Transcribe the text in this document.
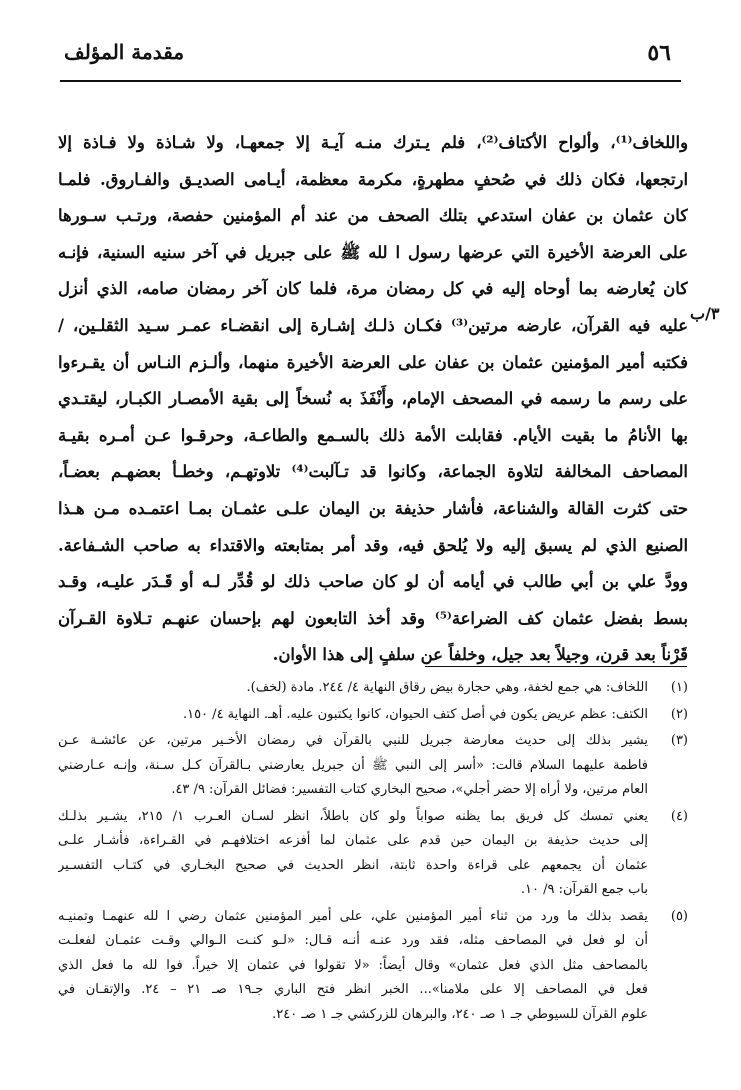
مقدمة المؤلف	٥٦
٣/ب
واللخاف⁽¹⁾، وألواح الأكتاف⁽²⁾، فلم يـترك منـه آيـة إلا جمعهـا، ولا شـاذة ولا فـاذة إلا
ارتجعها، فكان ذلك في صُحفٍ مطهرةٍ، مكرمة معظمة، أيـامى الصديـق والفـاروق. فلمـا
كان عثمان بن عفان استدعي بتلك الصحف من عند أم المؤمنين حفصة، ورتـب سـورها
على العرضة الأخيرة التي عرضها رسول ا لله ﷺ على جبريل في آخر سنيه السنية، فإنـه
كان يُعارضه بما أوحاه إليه في كل رمضان مرة، فلما كان آخر رمضان صامه، الذي أنزل
عليه فيه القرآن، عارضه مرتين⁽³⁾ فكـان ذلـك إشـارة إلى انقضـاء عمـر سـيد الثقلـين، /
فكتبه أمير المؤمنين عثمان بن عفان على العرضة الأخيرة منهما، وألـزم النـاس أن يقـرءوا
على رسم ما رسمه في المصحف الإمام، وأَنْفَذَ به نُسخاً إلى بقية الأمصـار الكبـار، ليقتـدي
بها الأنامُ ما بقيت الأيام. فقابلت الأمة ذلك بالسـمع والطاعـة، وحرقـوا عـن أمـره بقيـة
المصاحف المخالفة لتلاوة الجماعة، وكانوا قد تـآلبت⁽⁴⁾ تلاوتهـم، وخطـأ بعضهـم بعضـاً،
حتى كثرت القالة والشناعة، فأشار حذيفة بن اليمان علـى عثمـان بمـا اعتمـده مـن هـذا
الصنيع الذي لم يسبق إليه ولا يُلحق فيه، وقد أمر بمتابعته والاقتداء به صاحب الشـفاعة.
وودَّ علي بن أبي طالب في أيامه أن لو كان صاحب ذلك لو قُدِّر لـه أو قَـدَر عليـه، وقـد
بسط بفضل عثمان كف الضراعة⁽⁵⁾ وقد أخذ التابعون لهم بإحسان عنهـم تـلاوة القـرآن
قَرْناً بعد قرن، وجيلاً بعد جيل، وخلفاً عن سلفٍ إلى هذا الأوان.
(١)
اللخاف: هي جمع لخفة، وهي حجارة بيض رقاق النهاية ٤/ ٢٤٤. مادة (لخف).
(٢)
الكتف: عظم عريض يكون في أصل كتف الحيوان، كانوا يكتبون عليه. أهـ. النهاية ٤/ ١٥٠.
(٣)
يشير بذلك إلى حديث معارضة جبريل للنبي بالقرآن في رمضان الأخـير مرتين، عن عائشـة عـن
فاطمة عليهما السلام قالت: «أسر إلى النبي ﷺ أن جبريل يعارضني بـالقرآن كـل سـنة، وإنـه عـارضني
العام مرتين، ولا أراه إلا حضر أجلي»، صحيح البخاري كتاب التفسير: فضائل القرآن: ٩/ ٤٣.
(٤)
يعني تمسك كل فريق بما يظنه صواباً ولو كان باطلاً، انظر لسـان العـرب ١/ ٢١٥، يشـير بذلـك
إلى حديث حذيفة بن اليمان حين قدم على عثمان لما أفزعه اختلافهـم في القـراءة، فأشـار علـى
عثمان أن يجمعهم على قراءة واحدة ثابتة، انظر الحديث في صحيح البخـاري في كتـاب التفسـير
باب جمع القرآن: ٩/ ١٠.
(٥)
يقصد بذلك ما ورد من ثناء أمير المؤمنين علي، على أمير المؤمنين عثمان رضي ا لله عنهمـا وتمنيـه
أن لو فعل في المصاحف مثله، فقد ورد عنـه أنـه قـال: «لـو كنـت الـوالي وقـت عثمـان لفعلـت
بالمصاحف مثل الذي فعل عثمان» وقال أيضاً: «لا تقولوا في عثمان إلا خيراً. فوا لله ما فعل الذي
فعل في المصاحف إلا على ملامنا»... الخبر انظر فتح الباري جـ١٩ صـ ٢١ – ٢٤. والإتقـان في
علوم القرآن للسيوطي جـ ١ صـ ٢٤٠، والبرهان للزركشي جـ ١ صـ ٢٤٠.
